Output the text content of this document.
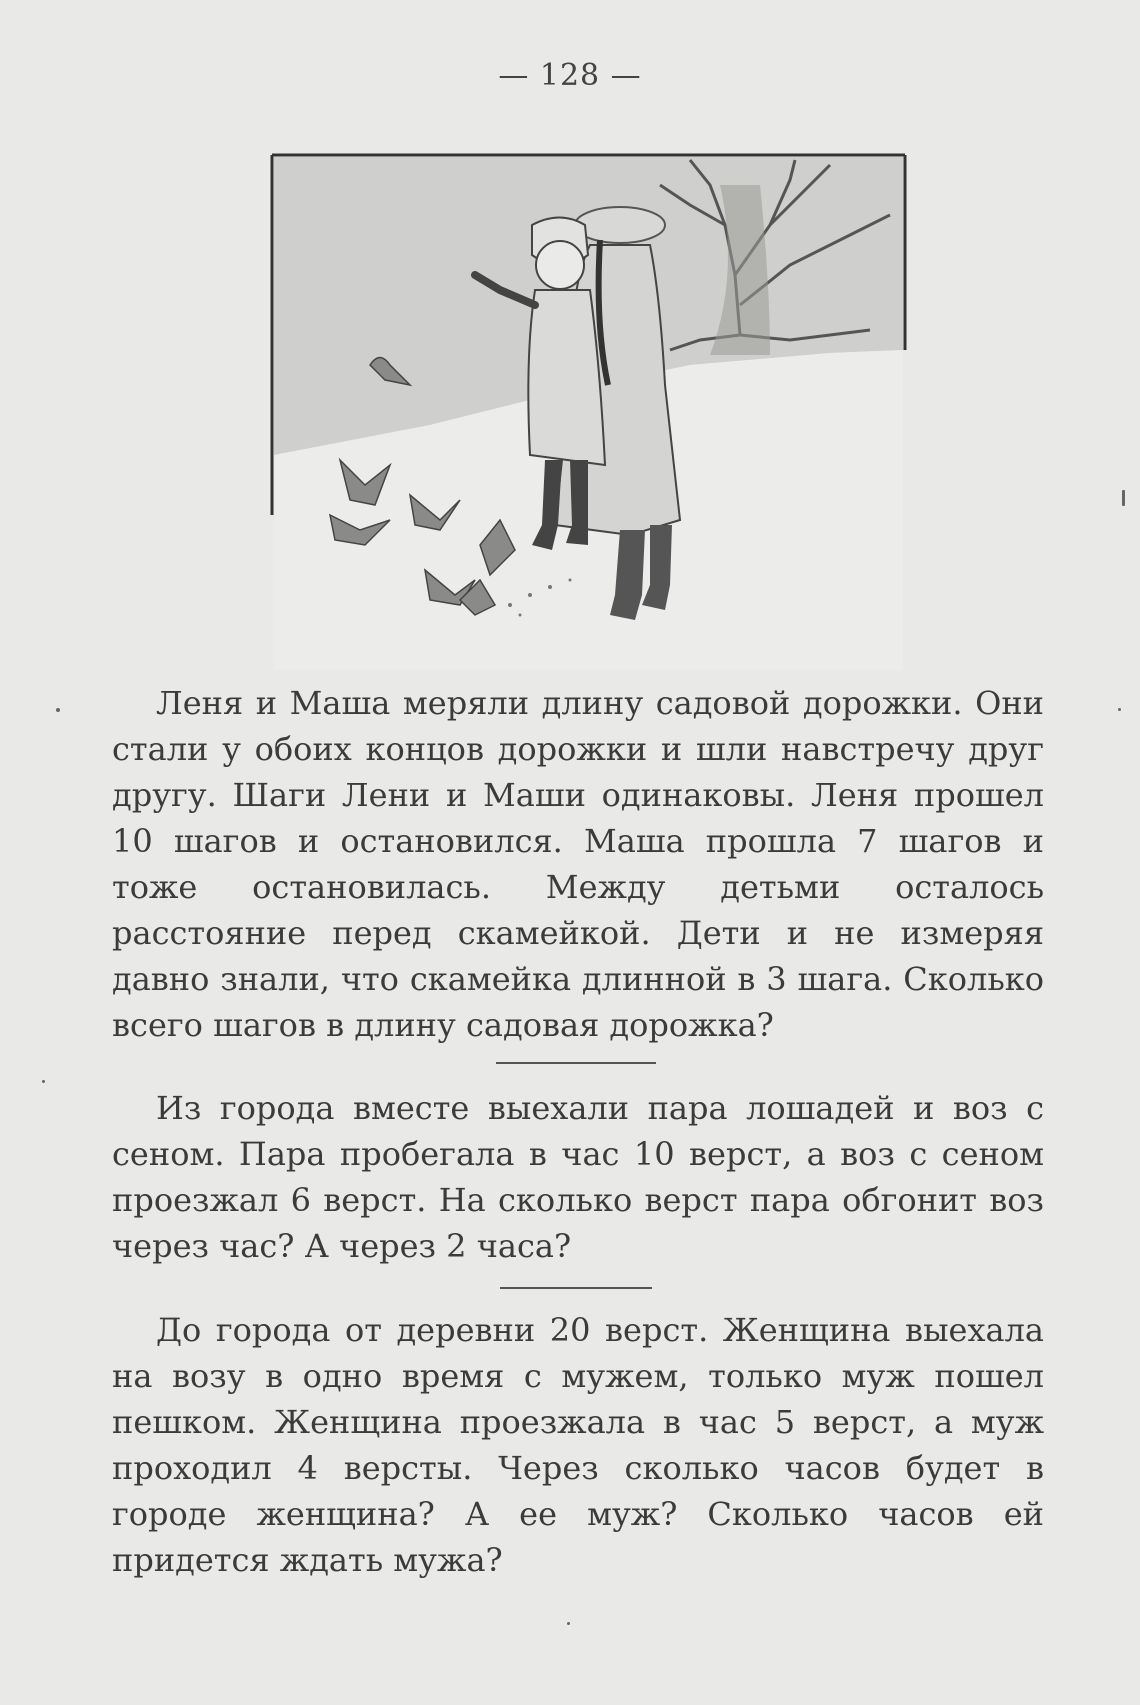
— 128 —

Леня и Маша меряли длину садовой дорожки. Они стали у обоих концов дорожки и шли навстречу друг другу. Шаги Лени и Маши одинаковы. Леня прошел 10 шагов и остановился. Маша прошла 7 шагов и тоже остановилась. Между детьми осталось расстояние перед скамейкой. Дети и не измеряя давно знали, что скамейка длинной в 3 шага. Сколько всего шагов в длину садовая дорожка?

Из города вместе выехали пара лошадей и воз с сеном. Пара пробегала в час 10 верст, а воз с сеном проезжал 6 верст. На сколько верст пара обгонит воз через час? А через 2 часа?

До города от деревни 20 верст. Женщина выехала на возу в одно время с мужем, только муж пошел пешком. Женщина проезжала в час 5 верст, а муж проходил 4 версты. Через сколько часов будет в городе женщина? А ее муж? Сколько часов ей придется ждать мужа?
